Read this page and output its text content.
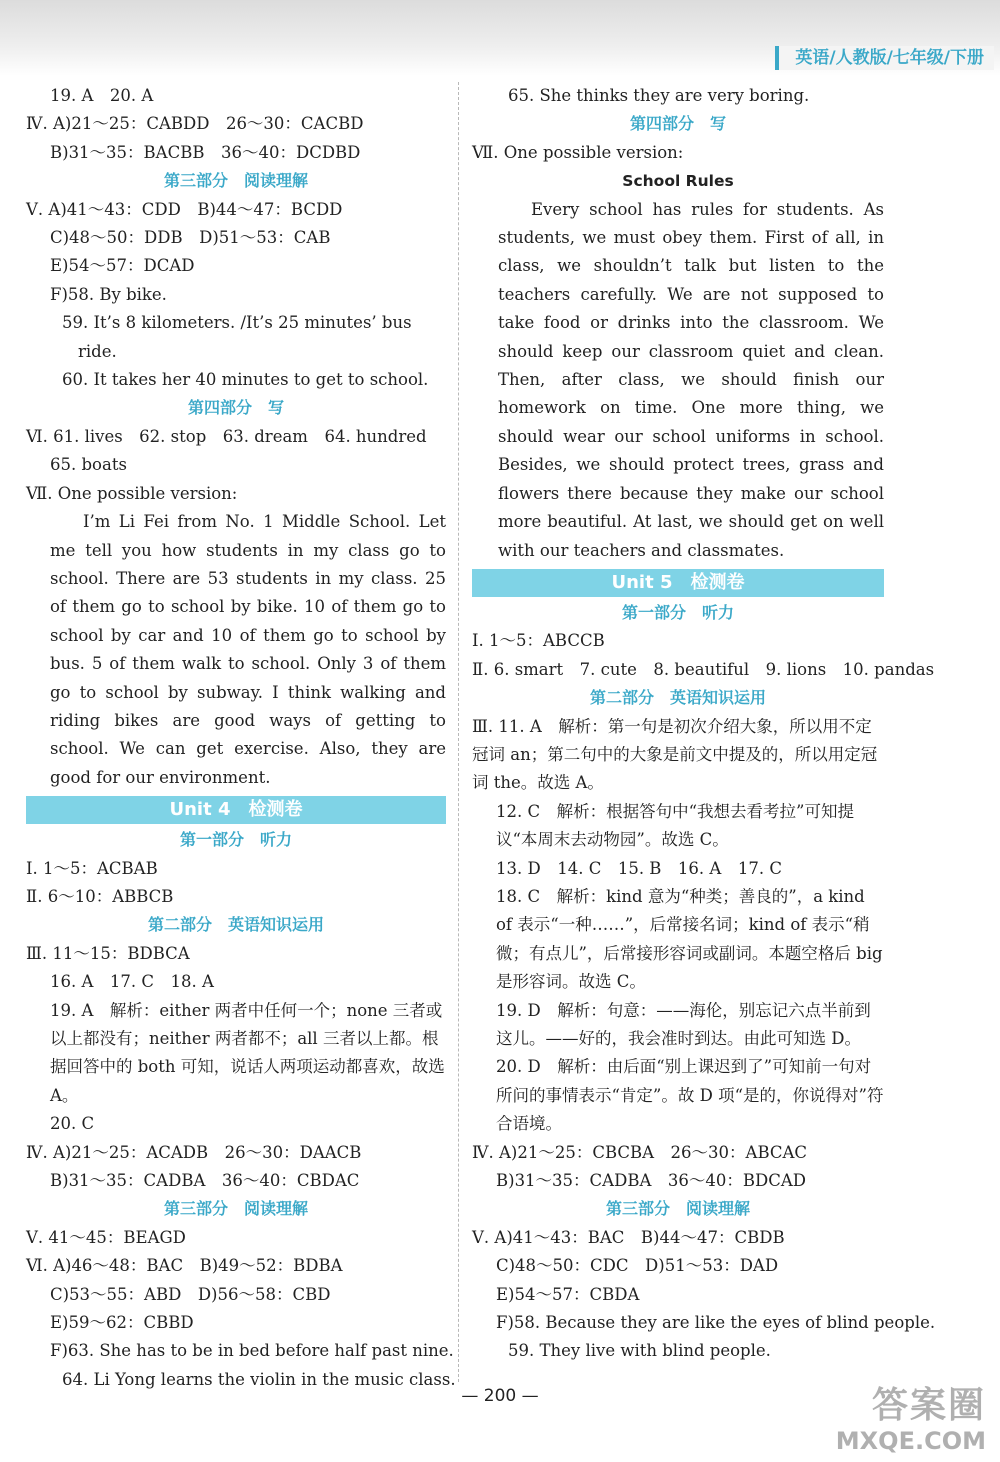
英语/人教版/七年级/下册
19. A　20. A
Ⅳ. A)21～25：CABDD　26～30：CACBD
B)31～35：BACBB　36～40：DCDBD
第三部分　阅读理解
Ⅴ. A)41～43：CDD　B)44～47：BCDD
C)48～50：DDB　D)51～53：CAB
E)54～57：DCAD
F)58. By bike.
59. It’s 8 kilometers. /It’s 25 minutes’ bus
ride.
60. It takes her 40 minutes to get to school.
第四部分　写
Ⅵ. 61. lives　62. stop　63. dream　64. hundred
65. boats
Ⅶ. One possible version:
I’m Li Fei from No. 1 Middle School. Let me tell you how students in my class go to school. There are 53 students in my class. 25 of them go to school by bike. 10 of them go to school by car and 10 of them go to school by bus. 5 of them walk to school. Only 3 of them go to school by subway. I think walking and riding bikes are good ways of getting to school. We can get exercise. Also, they are good for our environment.
Unit 4　检测卷
第一部分　听力
Ⅰ. 1～5：ACBAB
Ⅱ. 6～10：ABBCB
第二部分　英语知识运用
Ⅲ. 11～15：BDBCA
16. A　17. C　18. A
19. A　解析：either 两者中任何一个；none 三者或以上都没有；neither 两者都不；all 三者以上都。根据回答中的 both 可知，说话人两项运动都喜欢，故选 A。
20. C
Ⅳ. A)21～25：ACADB　26～30：DAACB
B)31～35：CADBA　36～40：CBDAC
第三部分　阅读理解
Ⅴ. 41～45：BEAGD
Ⅵ. A)46～48：BAC　B)49～52：BDBA
C)53～55：ABD　D)56～58：CBD
E)59～62：CBBD
F)63. She has to be in bed before half past nine.
64. Li Yong learns the violin in the music class.
65. She thinks they are very boring.
第四部分　写
Ⅶ. One possible version:
School Rules
Every school has rules for students. As students, we must obey them. First of all, in class, we shouldn’t talk but listen to the teachers carefully. We are not supposed to take food or drinks into the classroom. We should keep our classroom quiet and clean. Then, after class, we should finish our homework on time. One more thing, we should wear our school uniforms in school. Besides, we should protect trees, grass and flowers there because they make our school more beautiful. At last, we should get on well with our teachers and classmates.
Unit 5　检测卷
第一部分　听力
Ⅰ. 1～5：ABCCB
Ⅱ. 6. smart　7. cute　8. beautiful　9. lions　10. pandas
第二部分　英语知识运用
Ⅲ. 11. A　解析：第一句是初次介绍大象，所以用不定冠词 an；第二句中的大象是前文中提及的，所以用定冠词 the。故选 A。
12. C　解析：根据答句中“我想去看考拉”可知提议“本周末去动物园”。故选 C。
13. D　14. C　15. B　16. A　17. C
18. C　解析：kind 意为“种类；善良的”，a kind of 表示“一种……”，后常接名词；kind of 表示“稍微；有点儿”，后常接形容词或副词。本题空格后 big 是形容词。故选 C。
19. D　解析：句意：——海伦，别忘记六点半前到这儿。——好的，我会准时到达。由此可知选 D。
20. D　解析：由后面“别上课迟到了”可知前一句对所问的事情表示“肯定”。故 D 项“是的，你说得对”符合语境。
Ⅳ. A)21～25：CBCBA　26～30：ABCAC
B)31～35：CADBA　36～40：BDCAD
第三部分　阅读理解
Ⅴ. A)41～43：BAC　B)44～47：CBDB
C)48～50：CDC　D)51～53：DAD
E)54～57：CBDA
F)58. Because they are like the eyes of blind people.
59. They live with blind people.
— 200 —	答案圈
MXQE.COM
